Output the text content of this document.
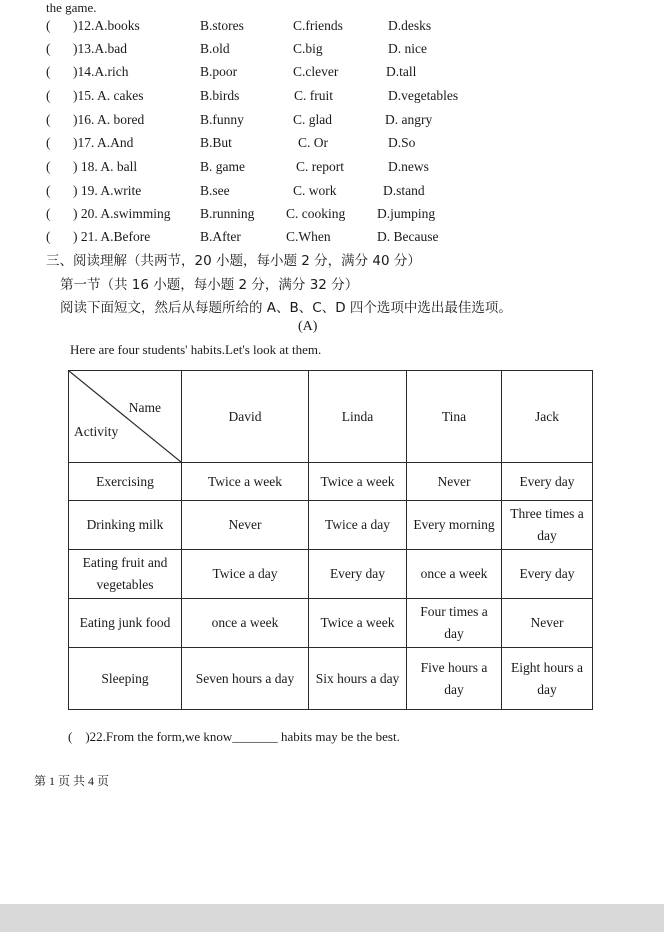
the game.
( )12.A.books	B.stores	C.friends	D.desks
( )13.A.bad	B.old	C.big	D. nice
( )14.A.rich	B.poor	C.clever	D.tall
( )15. A. cakes	B.birds	C. fruit	D.vegetables
( )16. A. bored	B.funny	C. glad	D. angry
( )17. A.And	B.But	C. Or	D.So
( ) 18. A. ball	B. game	C. report	D.news
( ) 19. A.write	B.see	C. work	D.stand
( ) 20. A.swimming B.running C. cooking D.jumping
( ) 21. A.Before	B.After	C.When	D. Because
三、阅读理解（共两节，20 小题，每小题 2 分，满分 40 分）
第一节（共 16 小题，每小题 2 分，满分 32 分）
阅读下面短文，然后从每题所给的 A、B、C、D 四个选项中选出最佳选项。
(A)
Here are four students' habits.Let's look at them.
Name
Activity	David	Linda	Tina	Jack
Exercising	Twice a week	Twice a week	Never	Every day
Drinking milk	Never	Twice a day	Every morning	Three times a day
Eating fruit and vegetables	Twice a day	Every day	once a week	Every day
Eating junk food	once a week	Twice a week	Four times a day	Never
Sleeping	Seven hours a day	Six hours a day	Five hours a day	Eight hours a day
( )22.From the form,we know_______ habits may be the best.
第 1 页 共 4 页
